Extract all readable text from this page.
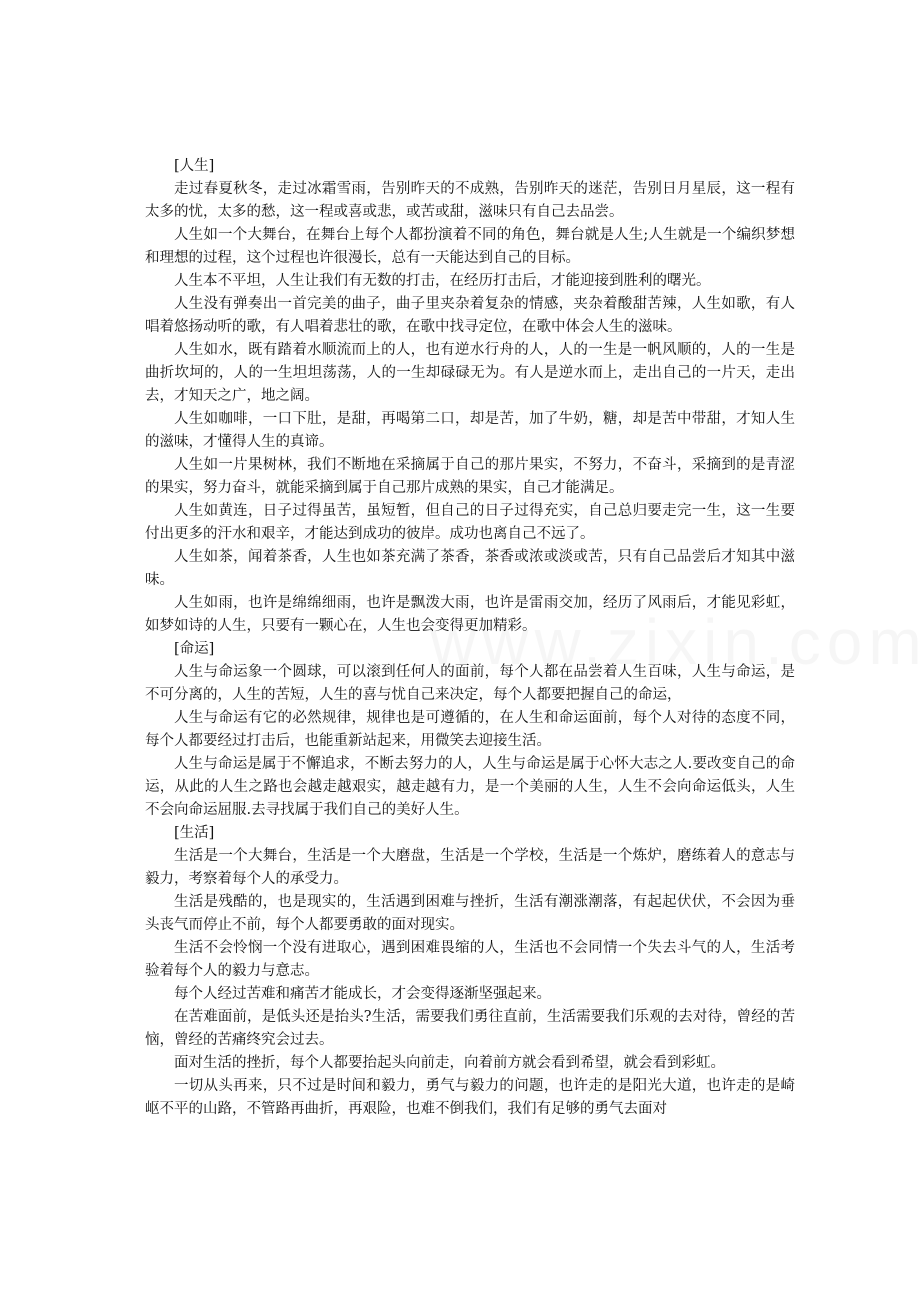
[人生]

走过春夏秋冬，走过冰霜雪雨，告别昨天的不成熟，告别昨天的迷茫，告别日月星辰，这一程有太多的忧，太多的愁，这一程或喜或悲，或苦或甜，滋味只有自己去品尝。

人生如一个大舞台，在舞台上每个人都扮演着不同的角色，舞台就是人生;人生就是一个编织梦想和理想的过程，这个过程也许很漫长，总有一天能达到自己的目标。

人生本不平坦，人生让我们有无数的打击，在经历打击后，才能迎接到胜利的曙光。

人生没有弹奏出一首完美的曲子，曲子里夹杂着复杂的情感，夹杂着酸甜苦辣，人生如歌，有人唱着悠扬动听的歌，有人唱着悲壮的歌，在歌中找寻定位，在歌中体会人生的滋味。

人生如水，既有踏着水顺流而上的人，也有逆水行舟的人，人的一生是一帆风顺的，人的一生是曲折坎坷的，人的一生坦坦荡荡，人的一生却碌碌无为。有人是逆水而上，走出自己的一片天，走出去，才知天之广，地之阔。

人生如咖啡，一口下肚，是甜，再喝第二口，却是苦，加了牛奶，糖，却是苦中带甜，才知人生的滋味，才懂得人生的真谛。

人生如一片果树林，我们不断地在采摘属于自己的那片果实，不努力，不奋斗，采摘到的是青涩的果实，努力奋斗，就能采摘到属于自己那片成熟的果实，自己才能满足。

人生如黄连，日子过得虽苦，虽短暂，但自己的日子过得充实，自己总归要走完一生，这一生要付出更多的汗水和艰辛，才能达到成功的彼岸。成功也离自己不远了。

人生如茶，闻着茶香，人生也如茶充满了茶香，茶香或浓或淡或苦，只有自己品尝后才知其中滋味。

人生如雨，也许是绵绵细雨，也许是飘泼大雨，也许是雷雨交加，经历了风雨后，才能见彩虹，如梦如诗的人生，只要有一颗心在，人生也会变得更加精彩。

[命运]

人生与命运象一个圆球，可以滚到任何人的面前，每个人都在品尝着人生百味，人生与命运，是不可分离的，人生的苦短，人生的喜与忧自己来决定，每个人都要把握自己的命运，

人生与命运有它的必然规律，规律也是可遵循的，在人生和命运面前，每个人对待的态度不同，每个人都要经过打击后，也能重新站起来，用微笑去迎接生活。

人生与命运是属于不懈追求，不断去努力的人，人生与命运是属于心怀大志之人.要改变自己的命运，从此的人生之路也会越走越艰实，越走越有力，是一个美丽的人生，人生不会向命运低头，人生不会向命运屈服.去寻找属于我们自己的美好人生。

[生活]

生活是一个大舞台，生活是一个大磨盘，生活是一个学校，生活是一个炼炉，磨练着人的意志与毅力，考察着每个人的承受力。

生活是残酷的，也是现实的，生活遇到困难与挫折，生活有潮涨潮落，有起起伏伏，不会因为垂头丧气而停止不前，每个人都要勇敢的面对现实。

生活不会怜悯一个没有进取心，遇到困难畏缩的人，生活也不会同情一个失去斗气的人，生活考验着每个人的毅力与意志。

每个人经过苦难和痛苦才能成长，才会变得逐渐坚强起来。

在苦难面前，是低头还是抬头?生活，需要我们勇往直前，生活需要我们乐观的去对待，曾经的苦恼，曾经的苦痛终究会过去。

面对生活的挫折，每个人都要抬起头向前走，向着前方就会看到希望，就会看到彩虹。

一切从头再来，只不过是时间和毅力，勇气与毅力的问题，也许走的是阳光大道，也许走的是崎岖不平的山路，不管路再曲折，再艰险，也难不倒我们，我们有足够的勇气去面对
